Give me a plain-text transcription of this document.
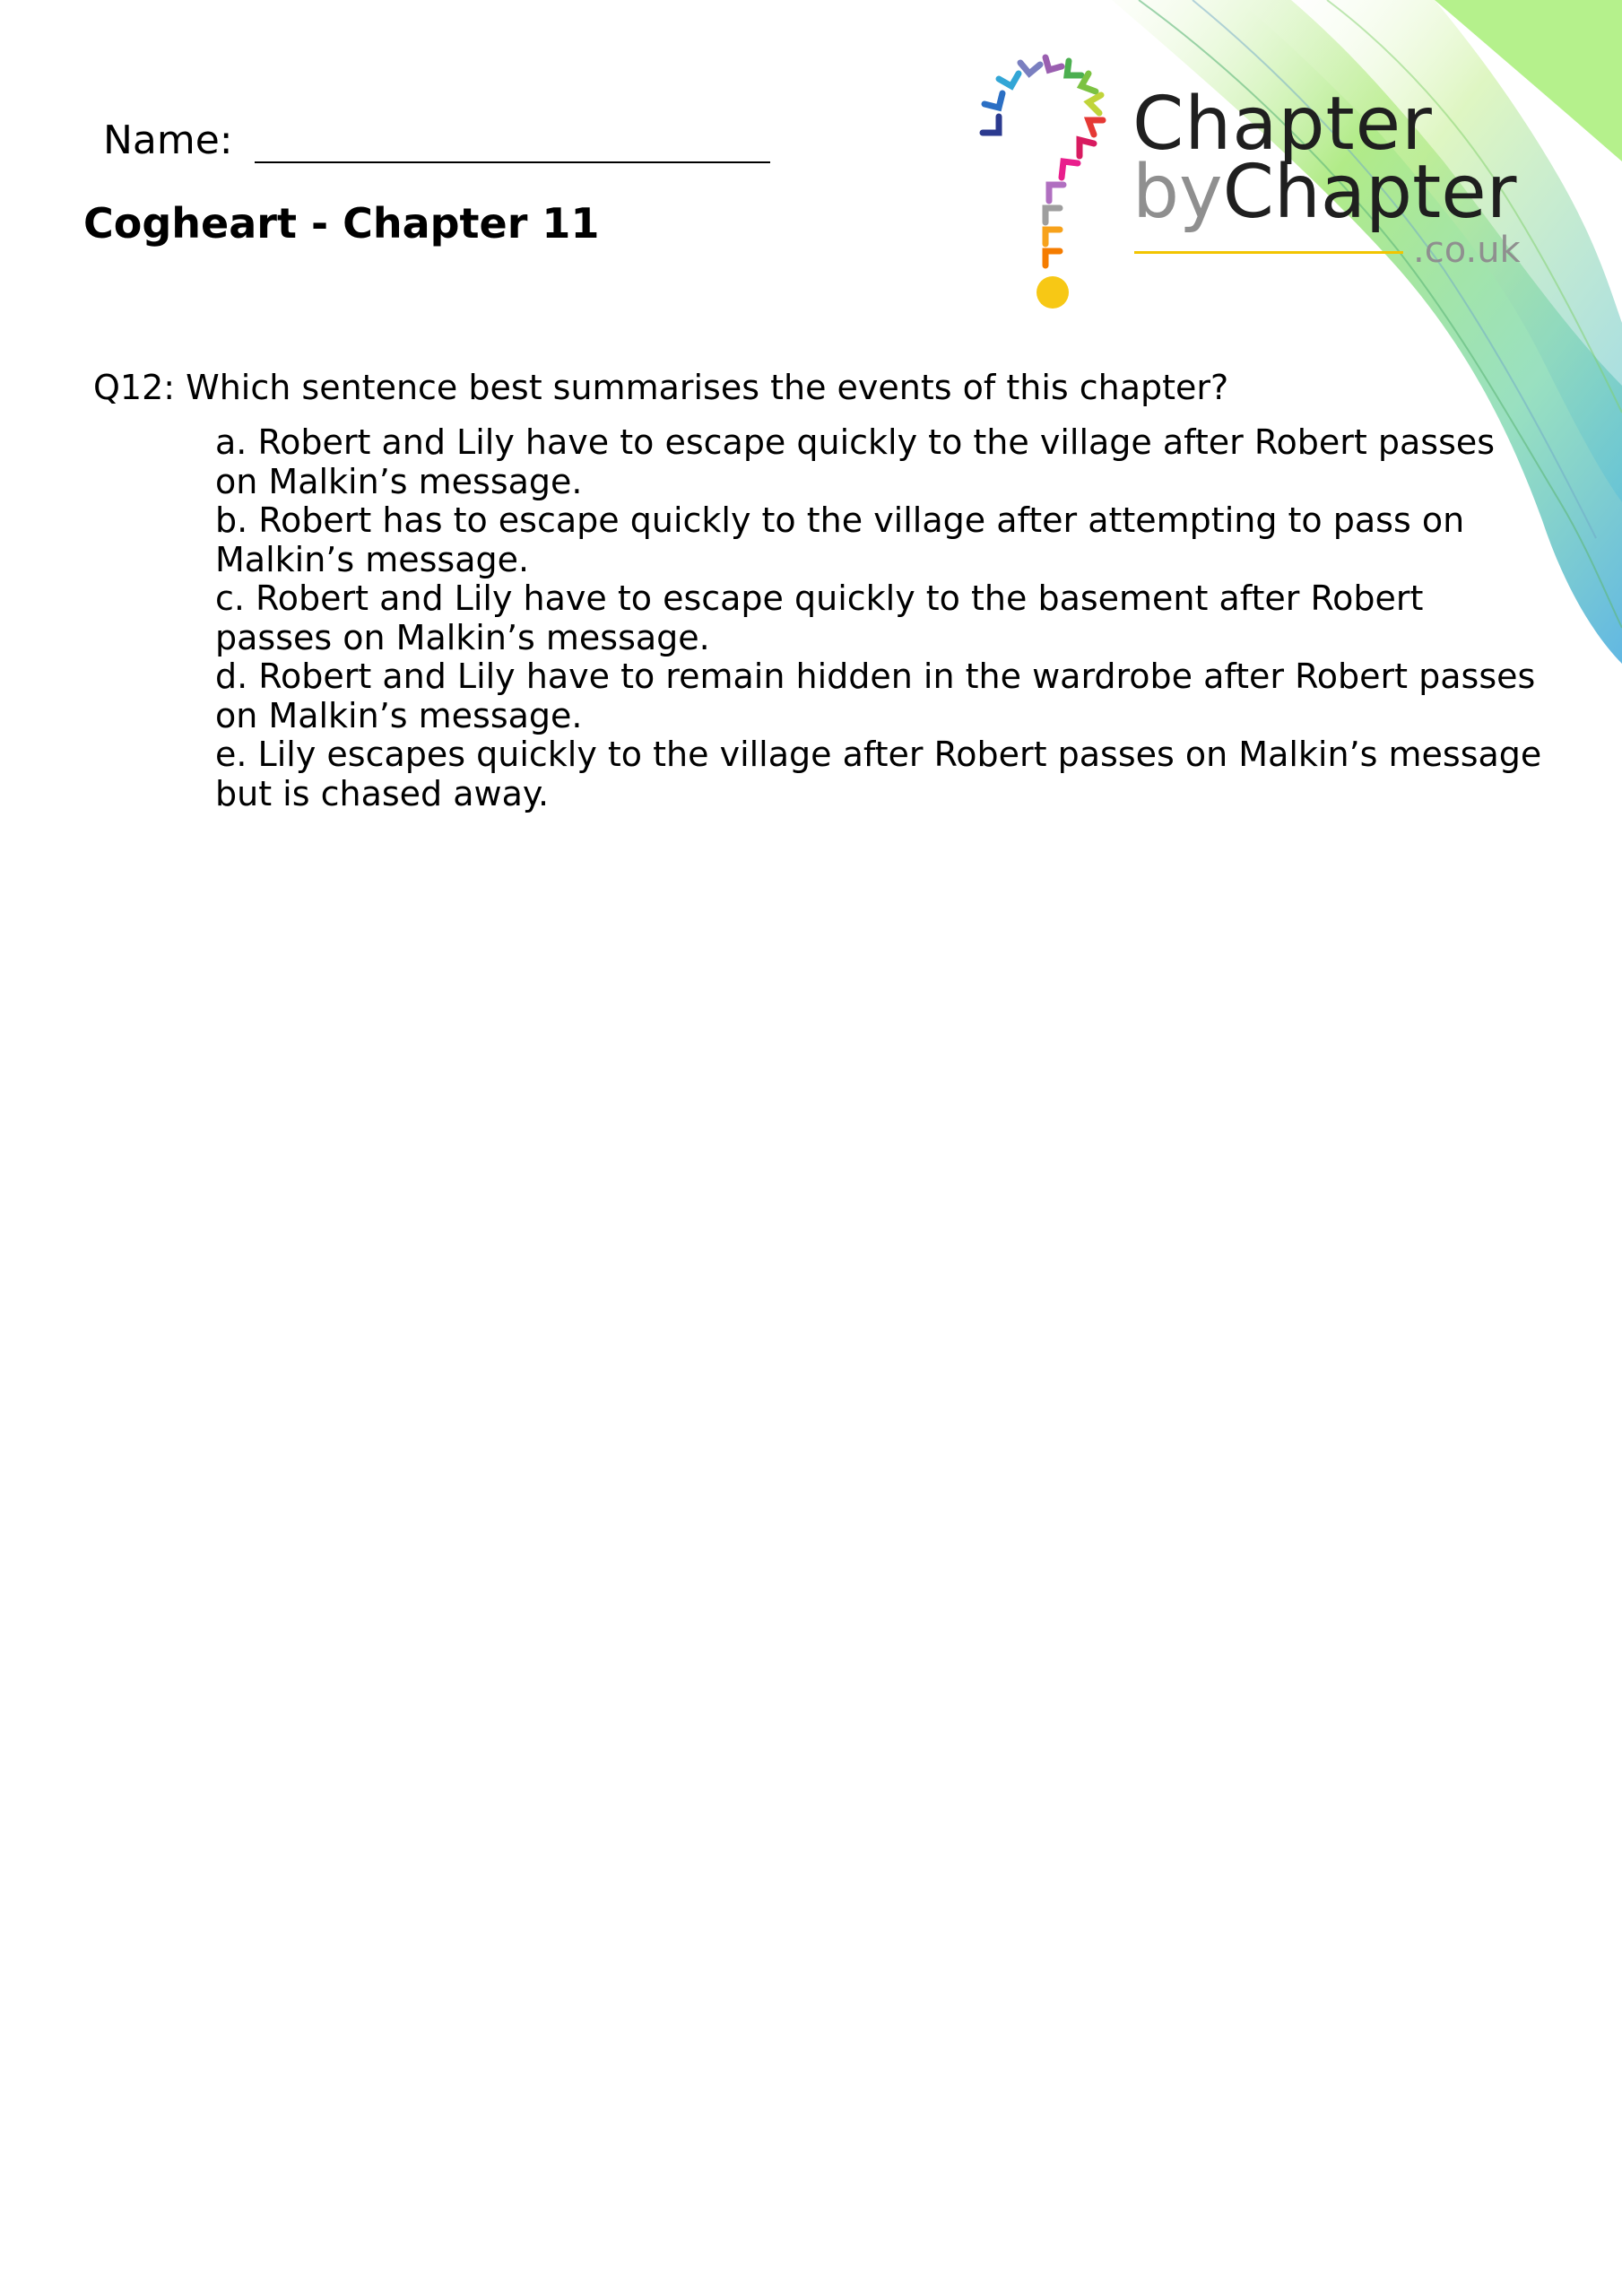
Name:
Cogheart - Chapter 11
Chapter
byChapter
.co.uk
Q12: Which sentence best summarises the events of this chapter?
a. Robert and Lily have to escape quickly to the village after Robert passes on Malkin’s message.
b. Robert has to escape quickly to the village after attempting to pass on Malkin’s message.
c. Robert and Lily have to escape quickly to the basement after Robert passes on Malkin’s message.
d. Robert and Lily have to remain hidden in the wardrobe after Robert passes on Malkin’s message.
e. Lily escapes quickly to the village after Robert passes on Malkin’s message but is chased away.
